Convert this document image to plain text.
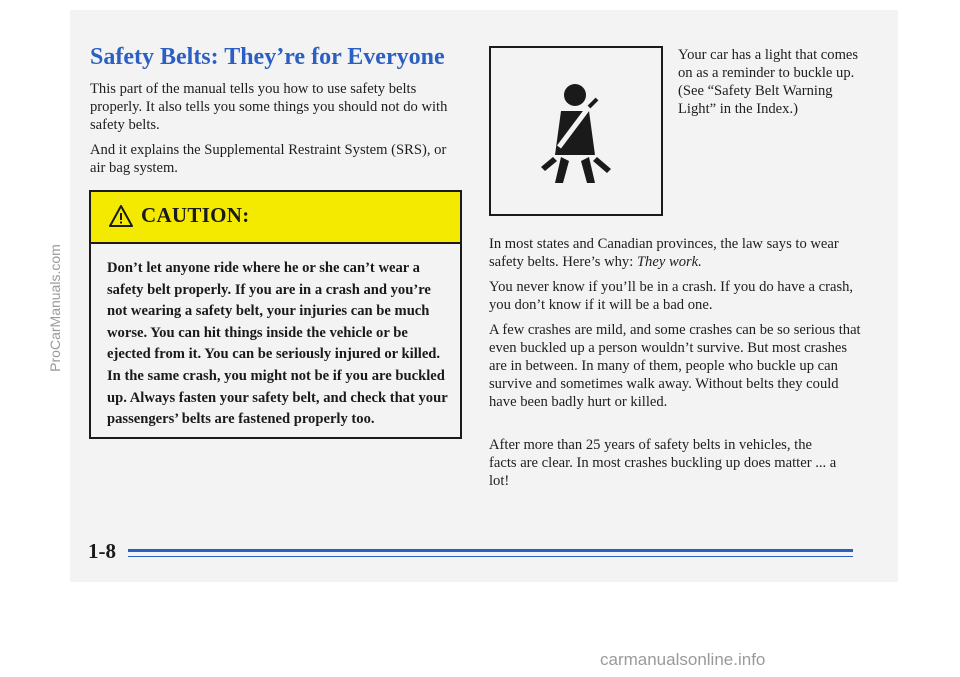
Safety Belts: They’re for Everyone

This part of the manual tells you how to use safety belts properly. It also tells you some things you should not do with safety belts.

And it explains the Supplemental Restraint System (SRS), or air bag system.

CAUTION:

Don’t let anyone ride where he or she can’t wear a safety belt properly. If you are in a crash and you’re not wearing a safety belt, your injuries can be much worse. You can hit things inside the vehicle or be ejected from it. You can be seriously injured or killed. In the same crash, you might not be if you are buckled up. Always fasten your safety belt, and check that your passengers’ belts are fastened properly too.

Your car has a light that comes on as a reminder to buckle up. (See “Safety Belt Warning Light” in the Index.)

In most states and Canadian provinces, the law says to wear safety belts. Here’s why: They work.

You never know if you’ll be in a crash. If you do have a crash, you don’t know if it will be a bad one.

A few crashes are mild, and some crashes can be so serious that even buckled up a person wouldn’t survive. But most crashes are in between. In many of them, people who buckle up can survive and sometimes walk away. Without belts they could have been badly hurt or killed.

After more than 25 years of safety belts in vehicles, the facts are clear. In most crashes buckling up does matter ... a lot!

1-8

ProCarManuals.com
carmanualsonline.info
